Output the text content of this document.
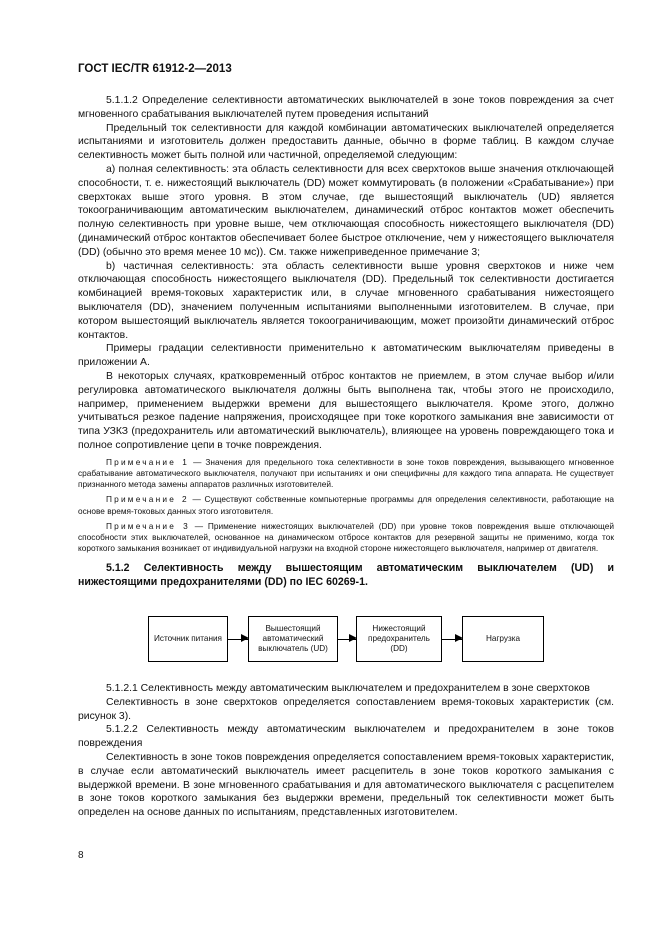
ГОСТ IEC/TR 61912-2—2013

5.1.1.2 Определение селективности автоматических выключателей в зоне токов повреждения за счет мгновенного срабатывания выключателей путем проведения испытаний

Предельный ток селективности для каждой комбинации автоматических выключателей определяется испытаниями и изготовитель должен предоставить данные, обычно в форме таблиц. В каждом случае селективность может быть полной или частичной, определяемой следующим:

a) полная селективность: эта область селективности для всех сверхтоков выше значения отключающей способности, т. е. нижестоящий выключатель (DD) может коммутировать (в положении «Срабатывание») при сверхтоках выше этого уровня. В этом случае, где вышестоящий выключатель (UD) является токоограничивающим автоматическим выключателем, динамический отброс контактов может обеспечить полную селективность при уровне выше, чем отключающая способность нижестоящего выключателя (DD) (динамический отброс контактов обеспечивает более быстрое отключение, чем у нижестоящего выключателя (DD) (обычно это время менее 10 мс)). См. также нижеприведенное примечание 3;

b) частичная селективность: эта область селективности выше уровня сверхтоков и ниже чем отключающая способность нижестоящего выключателя (DD). Предельный ток селективности достигается комбинацией время-токовых характеристик или, в случае мгновенного срабатывания нижестоящего выключателя (DD), значением полученным испытаниями выполненными изготовителем. В случае, при котором вышестоящий выключатель является токоограничивающим, может произойти динамический отброс контактов.

Примеры градации селективности применительно к автоматическим выключателям приведены в приложении А.

В некоторых случаях, кратковременный отброс контактов не приемлем, в этом случае выбор и/или регулировка автоматического выключателя должны быть выполнена так, чтобы этого не происходило, например, применением выдержки времени для вышестоящего выключателя. Кроме этого, должно учитываться резкое падение напряжения, происходящее при токе короткого замыкания вне зависимости от типа УЗКЗ (предохранитель или автоматический выключатель), влияющее на уровень повреждающего тока и полное сопротивление цепи в точке повреждения.

Примечание 1 — Значения для предельного тока селективности в зоне токов повреждения, вызывающего мгновенное срабатывание автоматического выключателя, получают при испытаниях и они специфичны для каждого типа аппарата. Не существует признанного метода замены аппаратов различных изготовителей.

Примечание 2 — Существуют собственные компьютерные программы для определения селективности, работающие на основе время-токовых данных этого изготовителя.

Примечание 3 — Применение нижестоящих выключателей (DD) при уровне токов повреждения выше отключающей способности этих выключателей, основанное на динамическом отбросе контактов для резервной защиты не применимо, когда ток короткого замыкания возникает от индивидуальной нагрузки на входной стороне нижестоящего выключателя, например от двигателя.

5.1.2 Селективность между вышестоящим автоматическим выключателем (UD) и нижестоящими предохранителями (DD) по IEC 60269-1.

Источник питания
Вышестоящий автоматический выключатель (UD)
Нижестоящий предохранитель (DD)
Нагрузка

5.1.2.1 Селективность между автоматическим выключателем и предохранителем в зоне сверхтоков

Селективность в зоне сверхтоков определяется сопоставлением время-токовых характеристик (см. рисунок 3).

5.1.2.2 Селективность между автоматическим выключателем и предохранителем в зоне токов повреждения

Селективность в зоне токов повреждения определяется сопоставлением время-токовых характеристик, в случае если автоматический выключатель имеет расцепитель в зоне токов короткого замыкания с выдержкой времени. В зоне мгновенного срабатывания и для автоматического выключателя с расцепителем в зоне токов короткого замыкания без выдержки времени, предельный ток селективности может быть определен на основе данных по испытаниям, представленных изготовителем.

8
